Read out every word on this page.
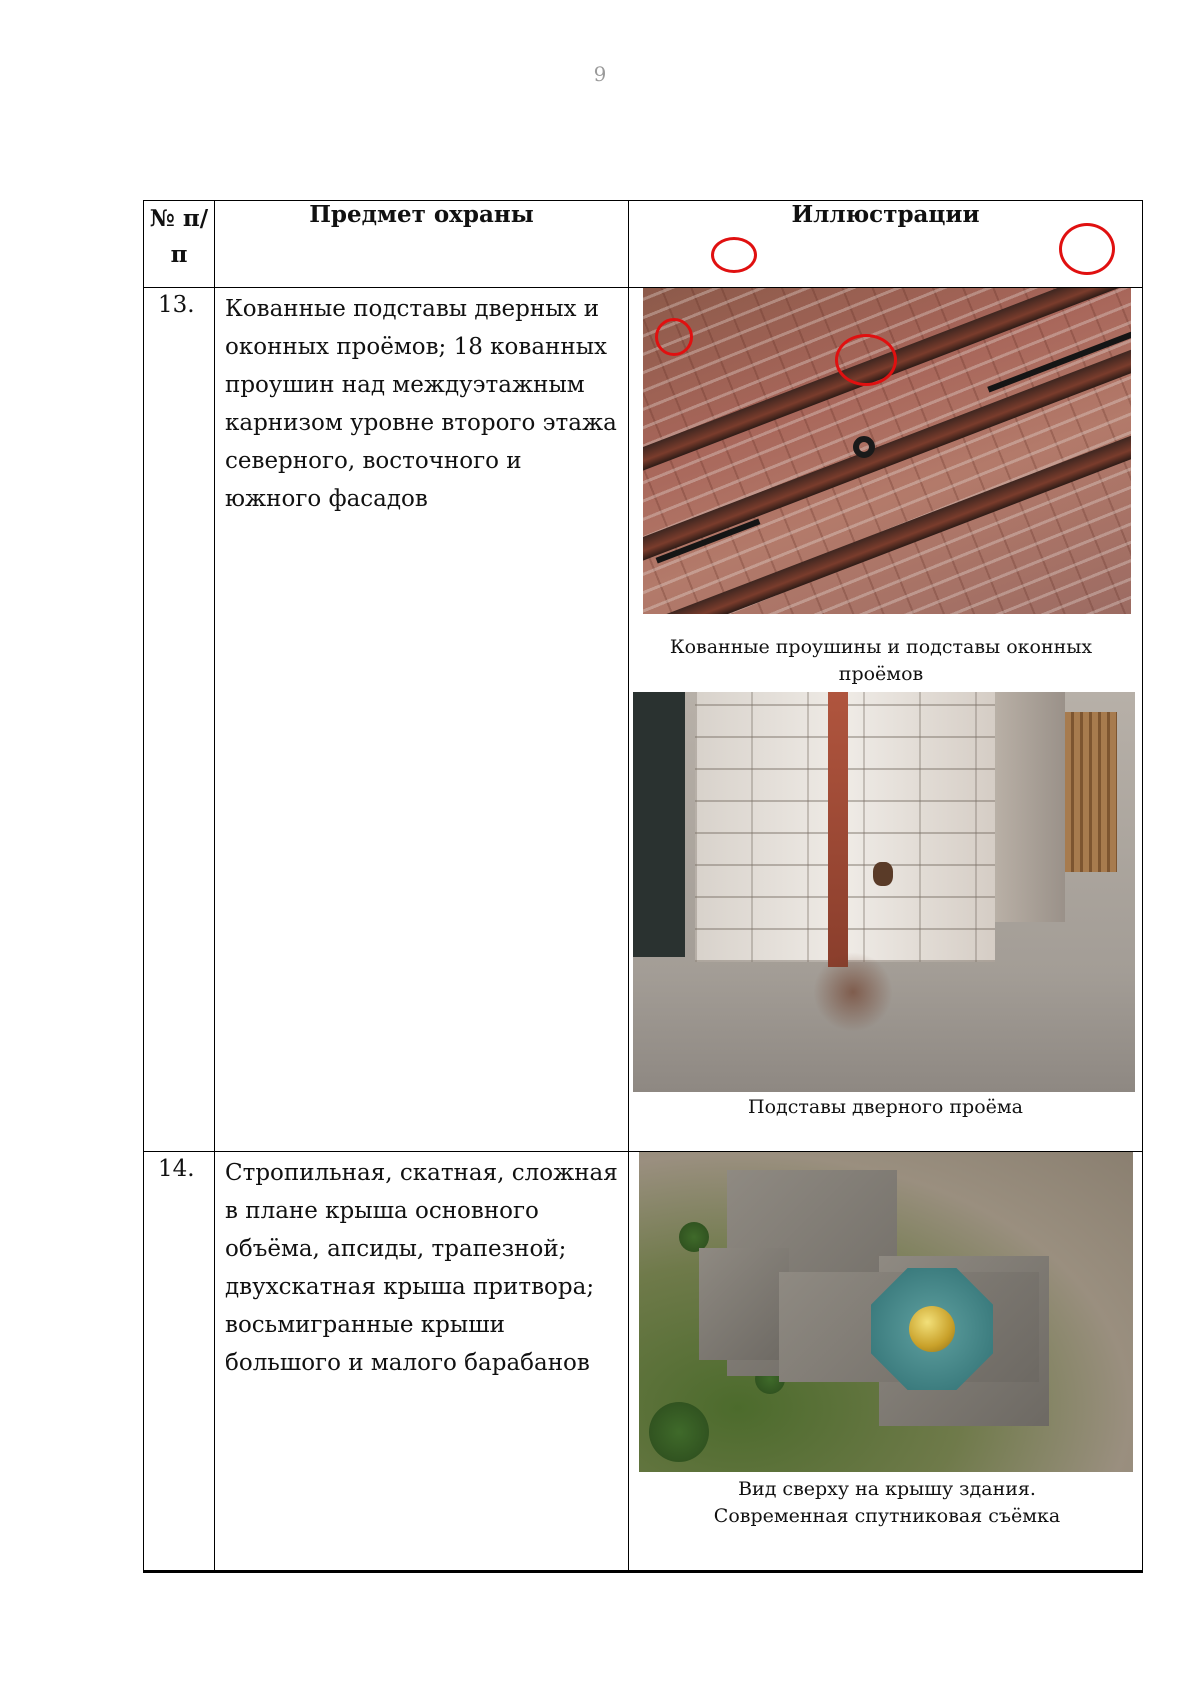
9
№ п/п	Предмет охраны	Иллюстрации

13.	Кованные подставы дверных и оконных проёмов; 18 кованных проушин над междуэтажным карнизом уровне второго этажа северного, восточного и южного фасадов	Кованные проушины и подставы оконных проёмов
Подставы дверного проёма

14.	Стропильная, скатная, сложная в плане крыша основного объёма, апсиды, трапезной; двухскатная крыша притвора; восьмигранные крыши большого и малого барабанов	Вид сверху на крышу здания. Современная спутниковая съёмка
